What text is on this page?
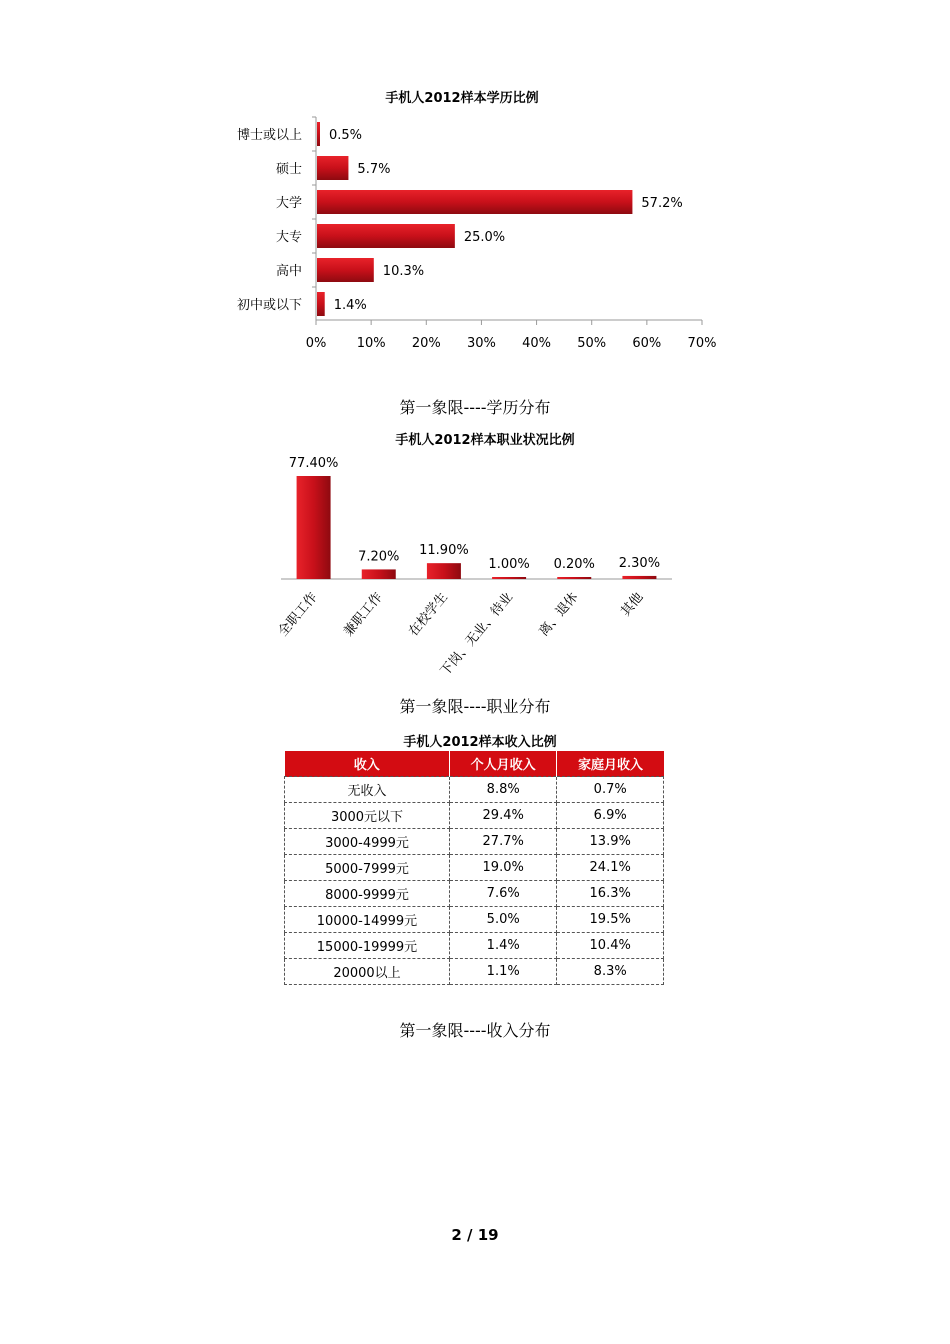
手机人2012样本学历比例
博士或以上 0.5%
硕士	5.7%
大学	57.2%
大专	25.0%
高中	10.3%
初中或以下 1.4%
0% 10% 20% 30% 40% 50% 60% 70%
第一象限----学历分布
手机人2012样本职业状况比例
77.40%
全职工作
7.20%
兼职工作
11.90%
在校学生
1.00%
下岗、无业、待业
0.20%
离、退休
2.30%
其他
第一象限----职业分布
手机人2012样本收入比例
收入	个人月收入	家庭月收入
无收入	8.8%	0.7%
3000元以下	29.4%	6.9%
3000-4999元	27.7%	13.9%
5000-7999元	19.0%	24.1%
8000-9999元	7.6%	16.3%
10000-14999元	5.0%	19.5%
15000-19999元	1.4%	10.4%
20000以上	1.1%	8.3%
第一象限----收入分布
2 / 19
